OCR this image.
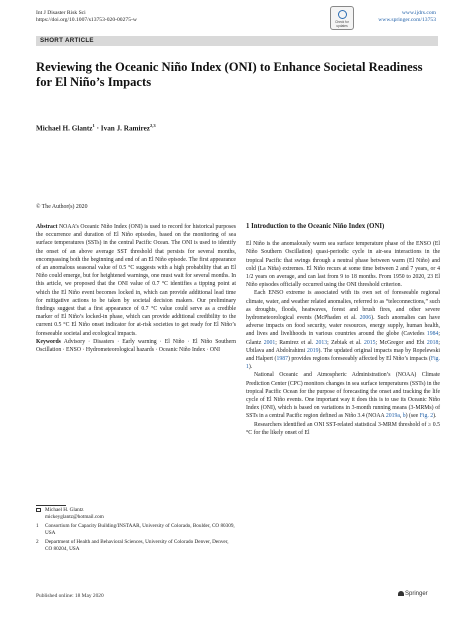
Int J Disaster Risk Sci
https://doi.org/10.1007/s13753-020-00275-w	Check for updates
www.ijdrs.com
www.springer.com/13753
SHORT ARTICLE
Reviewing the Oceanic Niño Index (ONI) to Enhance Societal Readiness for El Niño’s Impacts
Michael H. Glantz$^1$ · Ivan J. Ramirez$^{2,3}$
© The Author(s) 2020

Abstract NOAA’s Oceanic Niño Index (ONI) is used to record for historical purposes the occurrence and duration of El Niño episodes, based on the monitoring of sea surface temperatures (SSTs) in the central Pacific Ocean. The ONI is used to identify the onset of an above average SST threshold that persists for several months, encompassing both the beginning and end of an El Niño episode. The first appearance of an anomalous seasonal value of 0.5 °C suggests with a high probability that an El Niño could emerge, but for heightened warnings, one must wait for several months. In this article, we proposed that the ONI value of 0.7 °C identifies a tipping point at which the El Niño event becomes locked in, which can provide additional lead time for mitigative actions to be taken by societal decision makers. Our preliminary findings suggest that a first appearance of 0.7 °C value could serve as a credible marker of El Niño’s locked-in phase, which can provide additional credibility to the current 0.5 °C El Niño onset indicator for at-risk societies to get ready for El Niño’s foreseeable societal and ecological impacts.

Keywords Advisory · Disasters · Early warning · El Niño · El Niño Southern Oscillation · ENSO · Hydrometeorological hazards · Oceanic Niño Index · ONI

Michael H. Glantz
mickeyglantz@hotmail.com
1 Consortium for Capacity Building/INSTAAR, University of Colorado, Boulder, CO 80309, USA
2 Department of Health and Behavioral Sciences, University of Colorado Denver, Denver, CO 80204, USA
1 Introduction to the Oceanic Niño Index (ONI)

El Niño is the anomalously warm sea surface temperature phase of the ENSO (El Niño Southern Oscillation) quasi-periodic cycle in air-sea interactions in the tropical Pacific that swings through a neutral phase between warm (El Niño) and cold (La Niña) extremes. El Niño recurs at some time between 2 and 7 years, or 4 1/2 years on average, and can last from 9 to 18 months. From 1950 to 2020, 23 El Niño episodes officially occurred using the ONI threshold criterion.

Each ENSO extreme is associated with its own set of foreseeable regional climate, water, and weather related anomalies, referred to as “teleconnections,” such as droughts, floods, heatwaves, forest and brush fires, and other severe hydrometeorological events (McPhaden et al. 2006). Such anomalies can have adverse impacts on food security, water resources, energy supply, human health, and lives and livelihoods in various countries around the globe (Caviedes 1984; Glantz 2001; Ramirez et al. 2013; Zebiak et al. 2015; McGregor and Ebi 2018; Ubilava and Abdolrahimi 2019). The updated original impacts map by Ropelewski and Halpert (1987) provides regions foreseeably affected by El Niño’s impacts (Fig. 1).

National Oceanic and Atmospheric Administration’s (NOAA) Climate Prediction Center (CPC) monitors changes in sea surface temperatures (SSTs) in the tropical Pacific Ocean for the purpose of forecasting the onset and tracking the life cycle of El Niño events. One important way it does this is to use its Oceanic Niño Index (ONI), which is based on variations in 3-month running means (3-MRMs) of SSTs in a central Pacific region defined as Niño 3.4 (NOAA 2019a, b) (see Fig. 2).

Researchers identified an ONI SST-related statistical 3-MRM threshold of ≥ 0.5 °C for the likely onset of El

Published online: 18 May 2020	Springer
